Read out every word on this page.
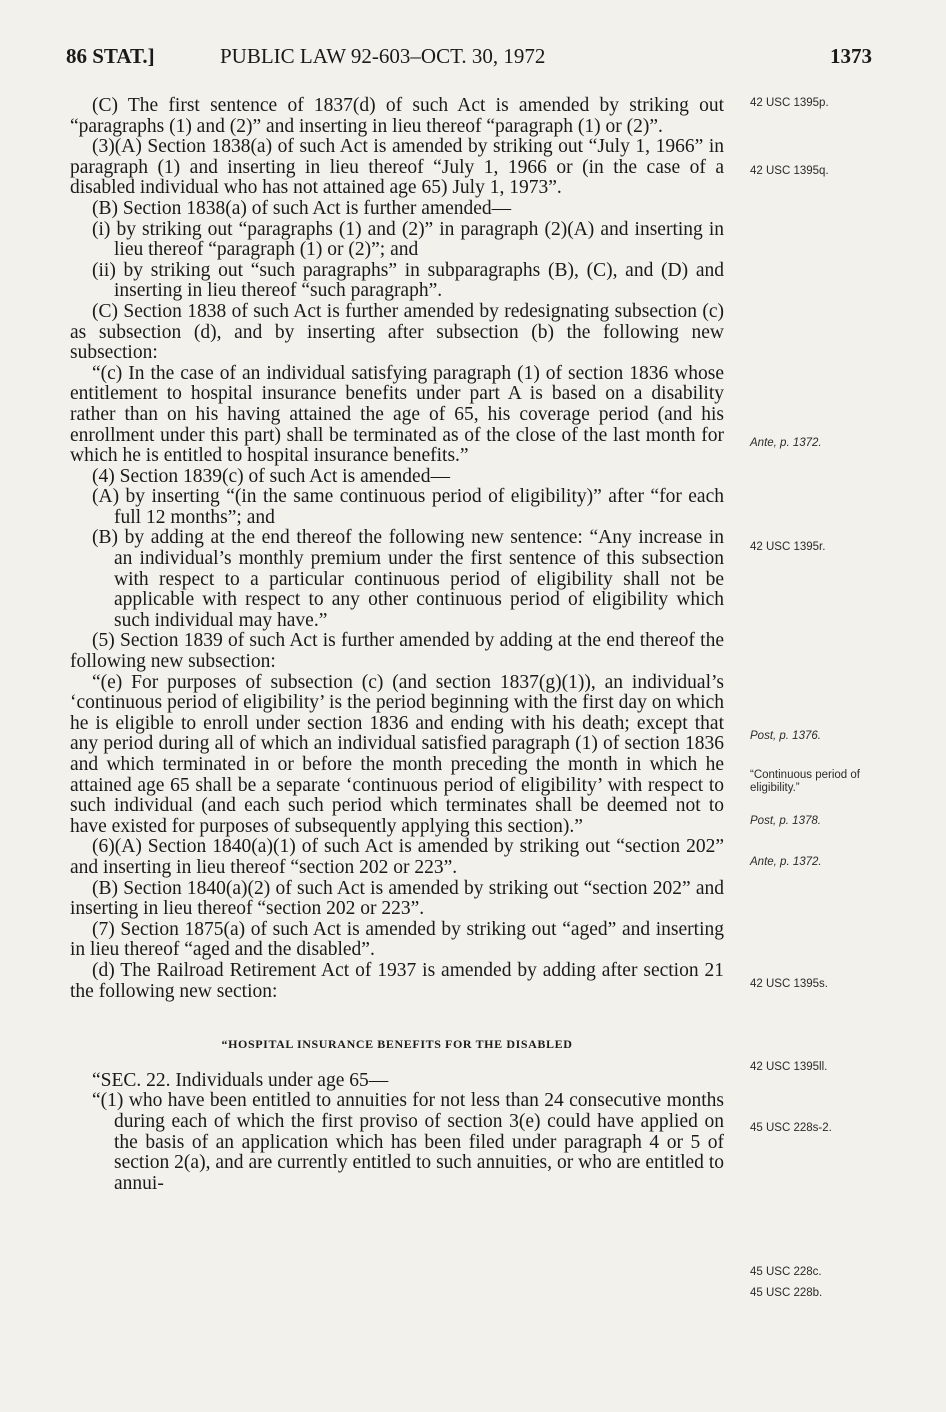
86 STAT.]	PUBLIC LAW 92-603–OCT. 30, 1972	1373

(C) The first sentence of 1837(d) of such Act is amended by striking out “paragraphs (1) and (2)” and inserting in lieu thereof “paragraph (1) or (2)”.

(3)(A) Section 1838(a) of such Act is amended by striking out “July 1, 1966” in paragraph (1) and inserting in lieu thereof “July 1, 1966 or (in the case of a disabled individual who has not attained age 65) July 1, 1973”.

(B) Section 1838(a) of such Act is further amended—

(i) by striking out “paragraphs (1) and (2)” in paragraph (2)(A) and inserting in lieu thereof “paragraph (1) or (2)”; and

(ii) by striking out “such paragraphs” in subparagraphs (B), (C), and (D) and inserting in lieu thereof “such paragraph”.

(C) Section 1838 of such Act is further amended by redesignating subsection (c) as subsection (d), and by inserting after subsection (b) the following new subsection:

“(c) In the case of an individual satisfying paragraph (1) of section 1836 whose entitlement to hospital insurance benefits under part A is based on a disability rather than on his having attained the age of 65, his coverage period (and his enrollment under this part) shall be terminated as of the close of the last month for which he is entitled to hospital insurance benefits.”

(4) Section 1839(c) of such Act is amended—

(A) by inserting “(in the same continuous period of eligibility)” after “for each full 12 months”; and

(B) by adding at the end thereof the following new sentence: “Any increase in an individual’s monthly premium under the first sentence of this subsection with respect to a particular continuous period of eligibility shall not be applicable with respect to any other continuous period of eligibility which such individual may have.”

(5) Section 1839 of such Act is further amended by adding at the end thereof the following new subsection:

“(e) For purposes of subsection (c) (and section 1837(g)(1)), an individual’s ‘continuous period of eligibility’ is the period beginning with the first day on which he is eligible to enroll under section 1836 and ending with his death; except that any period during all of which an individual satisfied paragraph (1) of section 1836 and which terminated in or before the month preceding the month in which he attained age 65 shall be a separate ‘continuous period of eligibility’ with respect to such individual (and each such period which terminates shall be deemed not to have existed for purposes of subsequently applying this section).”

(6)(A) Section 1840(a)(1) of such Act is amended by striking out “section 202” and inserting in lieu thereof “section 202 or 223”.

(B) Section 1840(a)(2) of such Act is amended by striking out “section 202” and inserting in lieu thereof “section 202 or 223”.

(7) Section 1875(a) of such Act is amended by striking out “aged” and inserting in lieu thereof “aged and the disabled”.

(d) The Railroad Retirement Act of 1937 is amended by adding after section 21 the following new section:

“HOSPITAL INSURANCE BENEFITS FOR THE DISABLED

“SEC. 22. Individuals under age 65—

“(1) who have been entitled to annuities for not less than 24 consecutive months during each of which the first proviso of section 3(e) could have applied on the basis of an application which has been filed under paragraph 4 or 5 of section 2(a), and are currently entitled to such annuities, or who are entitled to annui-

42 USC 1395p.
42 USC 1395q.
Ante, p. 1372.
42 USC 1395r.
Post, p. 1376.
“Continuous period of eligibility.”
Post, p. 1378.
Ante, p. 1372.
42 USC 1395s.
42 USC 1395ll.
45 USC 228s-2.
45 USC 228c.
45 USC 228b.
